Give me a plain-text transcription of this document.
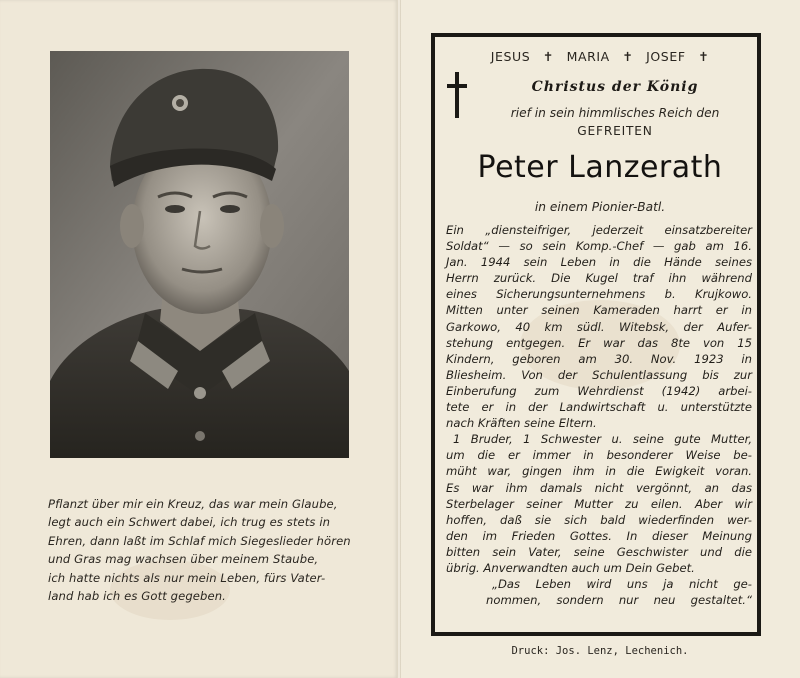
Pflanzt über mir ein Kreuz, das war mein Glaube,
legt auch ein Schwert dabei, ich trug es stets in
Ehren, dann laßt im Schlaf mich Siegeslieder hören
und Gras mag wachsen über meinem Staube,
ich hatte nichts als nur mein Leben, fürs Vater-
land hab ich es Gott gegeben.
JESUS ✝ MARIA ✝ JOSEF ✝
Christus der König
rief in sein himmlisches Reich den
GEFREITEN
Peter Lanzerath
in einem Pionier-Batl.
Ein „diensteifriger, jederzeit einsatzbereiter
Soldat“ — so sein Komp.-Chef — gab am 16.
Jan. 1944 sein Leben in die Hände seines
Herrn zurück. Die Kugel traf ihn während
eines Sicherungsunternehmens b. Krujkowo.
Mitten unter seinen Kameraden harrt er in
Garkowo, 40 km südl. Witebsk, der Aufer-
stehung entgegen. Er war das 8te von 15
Kindern, geboren am 30. Nov. 1923 in
Bliesheim. Von der Schulentlassung bis zur
Einberufung zum Wehrdienst (1942) arbei-
tete er in der Landwirtschaft u. unterstützte
nach Kräften seine Eltern.
1 Bruder, 1 Schwester u. seine gute Mutter,
um die er immer in besonderer Weise be-
müht war, gingen ihm in die Ewigkeit voran.
Es war ihm damals nicht vergönnt, an das
Sterbelager seiner Mutter zu eilen. Aber wir
hoffen, daß sie sich bald wiederfinden wer-
den im Frieden Gottes. In dieser Meinung
bitten sein Vater, seine Geschwister und die
übrig. Anverwandten auch um Dein Gebet.
„Das Leben wird uns ja nicht ge-
nommen, sondern nur neu gestaltet.“
Druck: Jos. Lenz, Lechenich.
